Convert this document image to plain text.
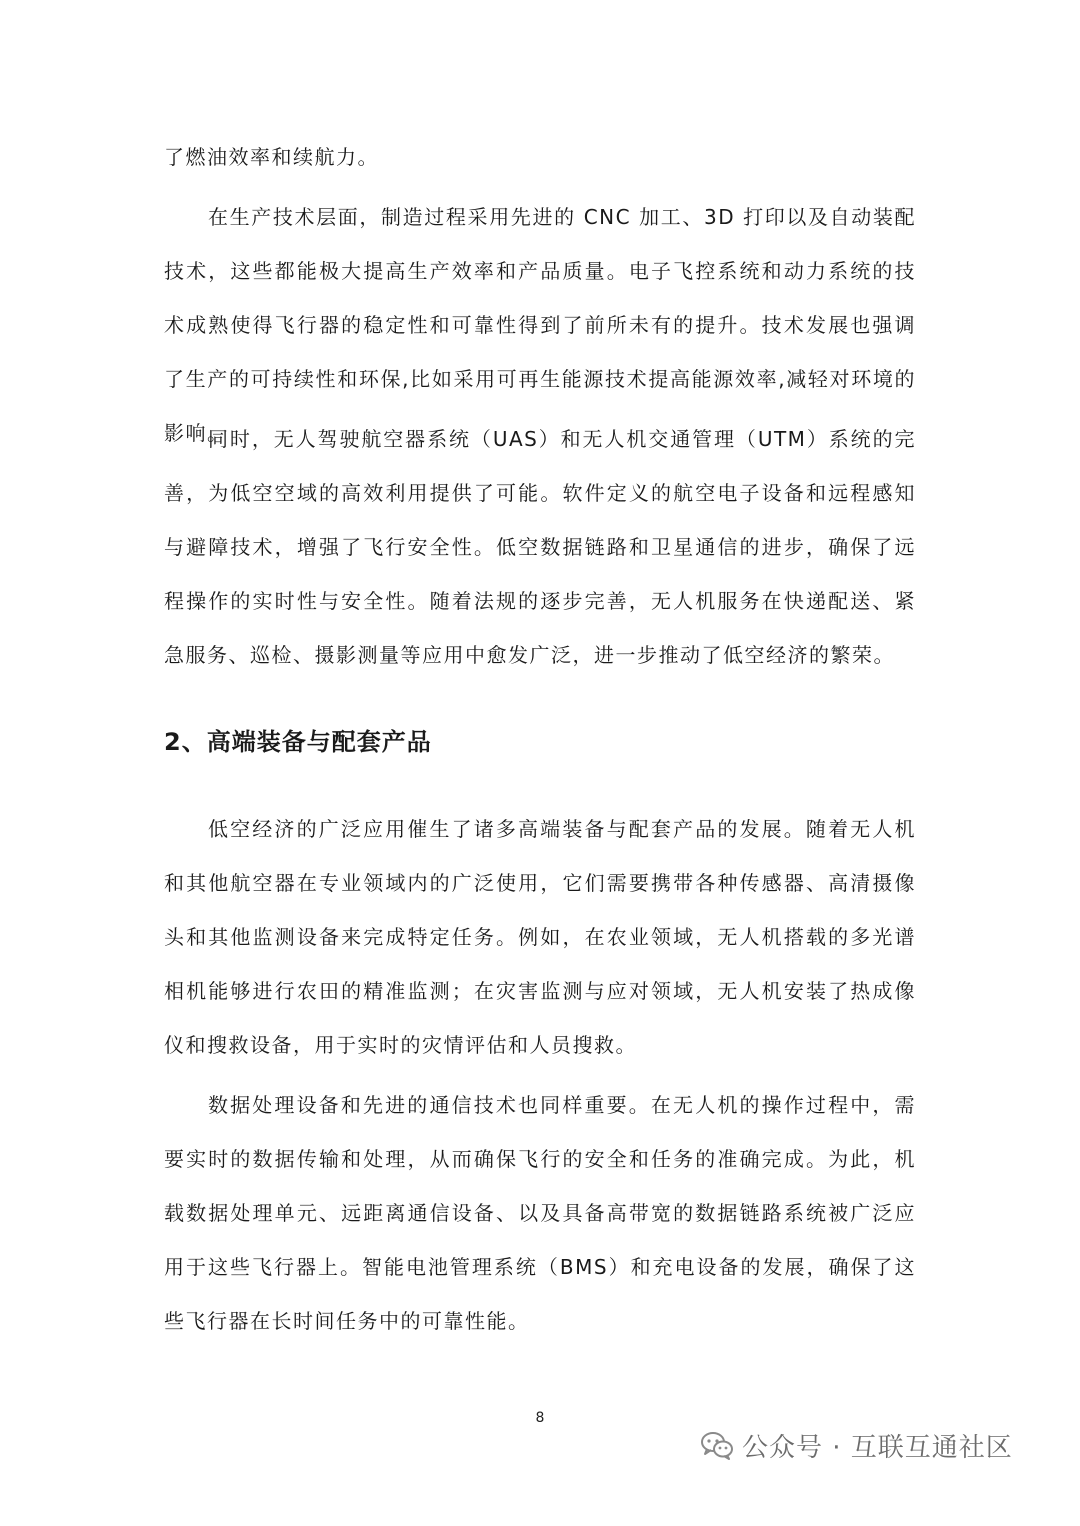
了燃油效率和续航力。

在生产技术层面，制造过程采用先进的 CNC 加工、3D 打印以及自动装配技术，这些都能极大提高生产效率和产品质量。电子飞控系统和动力系统的技术成熟使得飞行器的稳定性和可靠性得到了前所未有的提升。技术发展也强调了生产的可持续性和环保,比如采用可再生能源技术提高能源效率,减轻对环境的影响。

同时，无人驾驶航空器系统（UAS）和无人机交通管理（UTM）系统的完善，为低空空域的高效利用提供了可能。软件定义的航空电子设备和远程感知与避障技术，增强了飞行安全性。低空数据链路和卫星通信的进步，确保了远程操作的实时性与安全性。随着法规的逐步完善，无人机服务在快递配送、紧急服务、巡检、摄影测量等应用中愈发广泛，进一步推动了低空经济的繁荣。

2、高端装备与配套产品

低空经济的广泛应用催生了诸多高端装备与配套产品的发展。随着无人机和其他航空器在专业领域内的广泛使用，它们需要携带各种传感器、高清摄像头和其他监测设备来完成特定任务。例如，在农业领域，无人机搭载的多光谱相机能够进行农田的精准监测；在灾害监测与应对领域，无人机安装了热成像仪和搜救设备，用于实时的灾情评估和人员搜救。

数据处理设备和先进的通信技术也同样重要。在无人机的操作过程中，需要实时的数据传输和处理，从而确保飞行的安全和任务的准确完成。为此，机载数据处理单元、远距离通信设备、以及具备高带宽的数据链路系统被广泛应用于这些飞行器上。智能电池管理系统（BMS）和充电设备的发展，确保了这些飞行器在长时间任务中的可靠性能。

8
公众号 · 互联互通社区
